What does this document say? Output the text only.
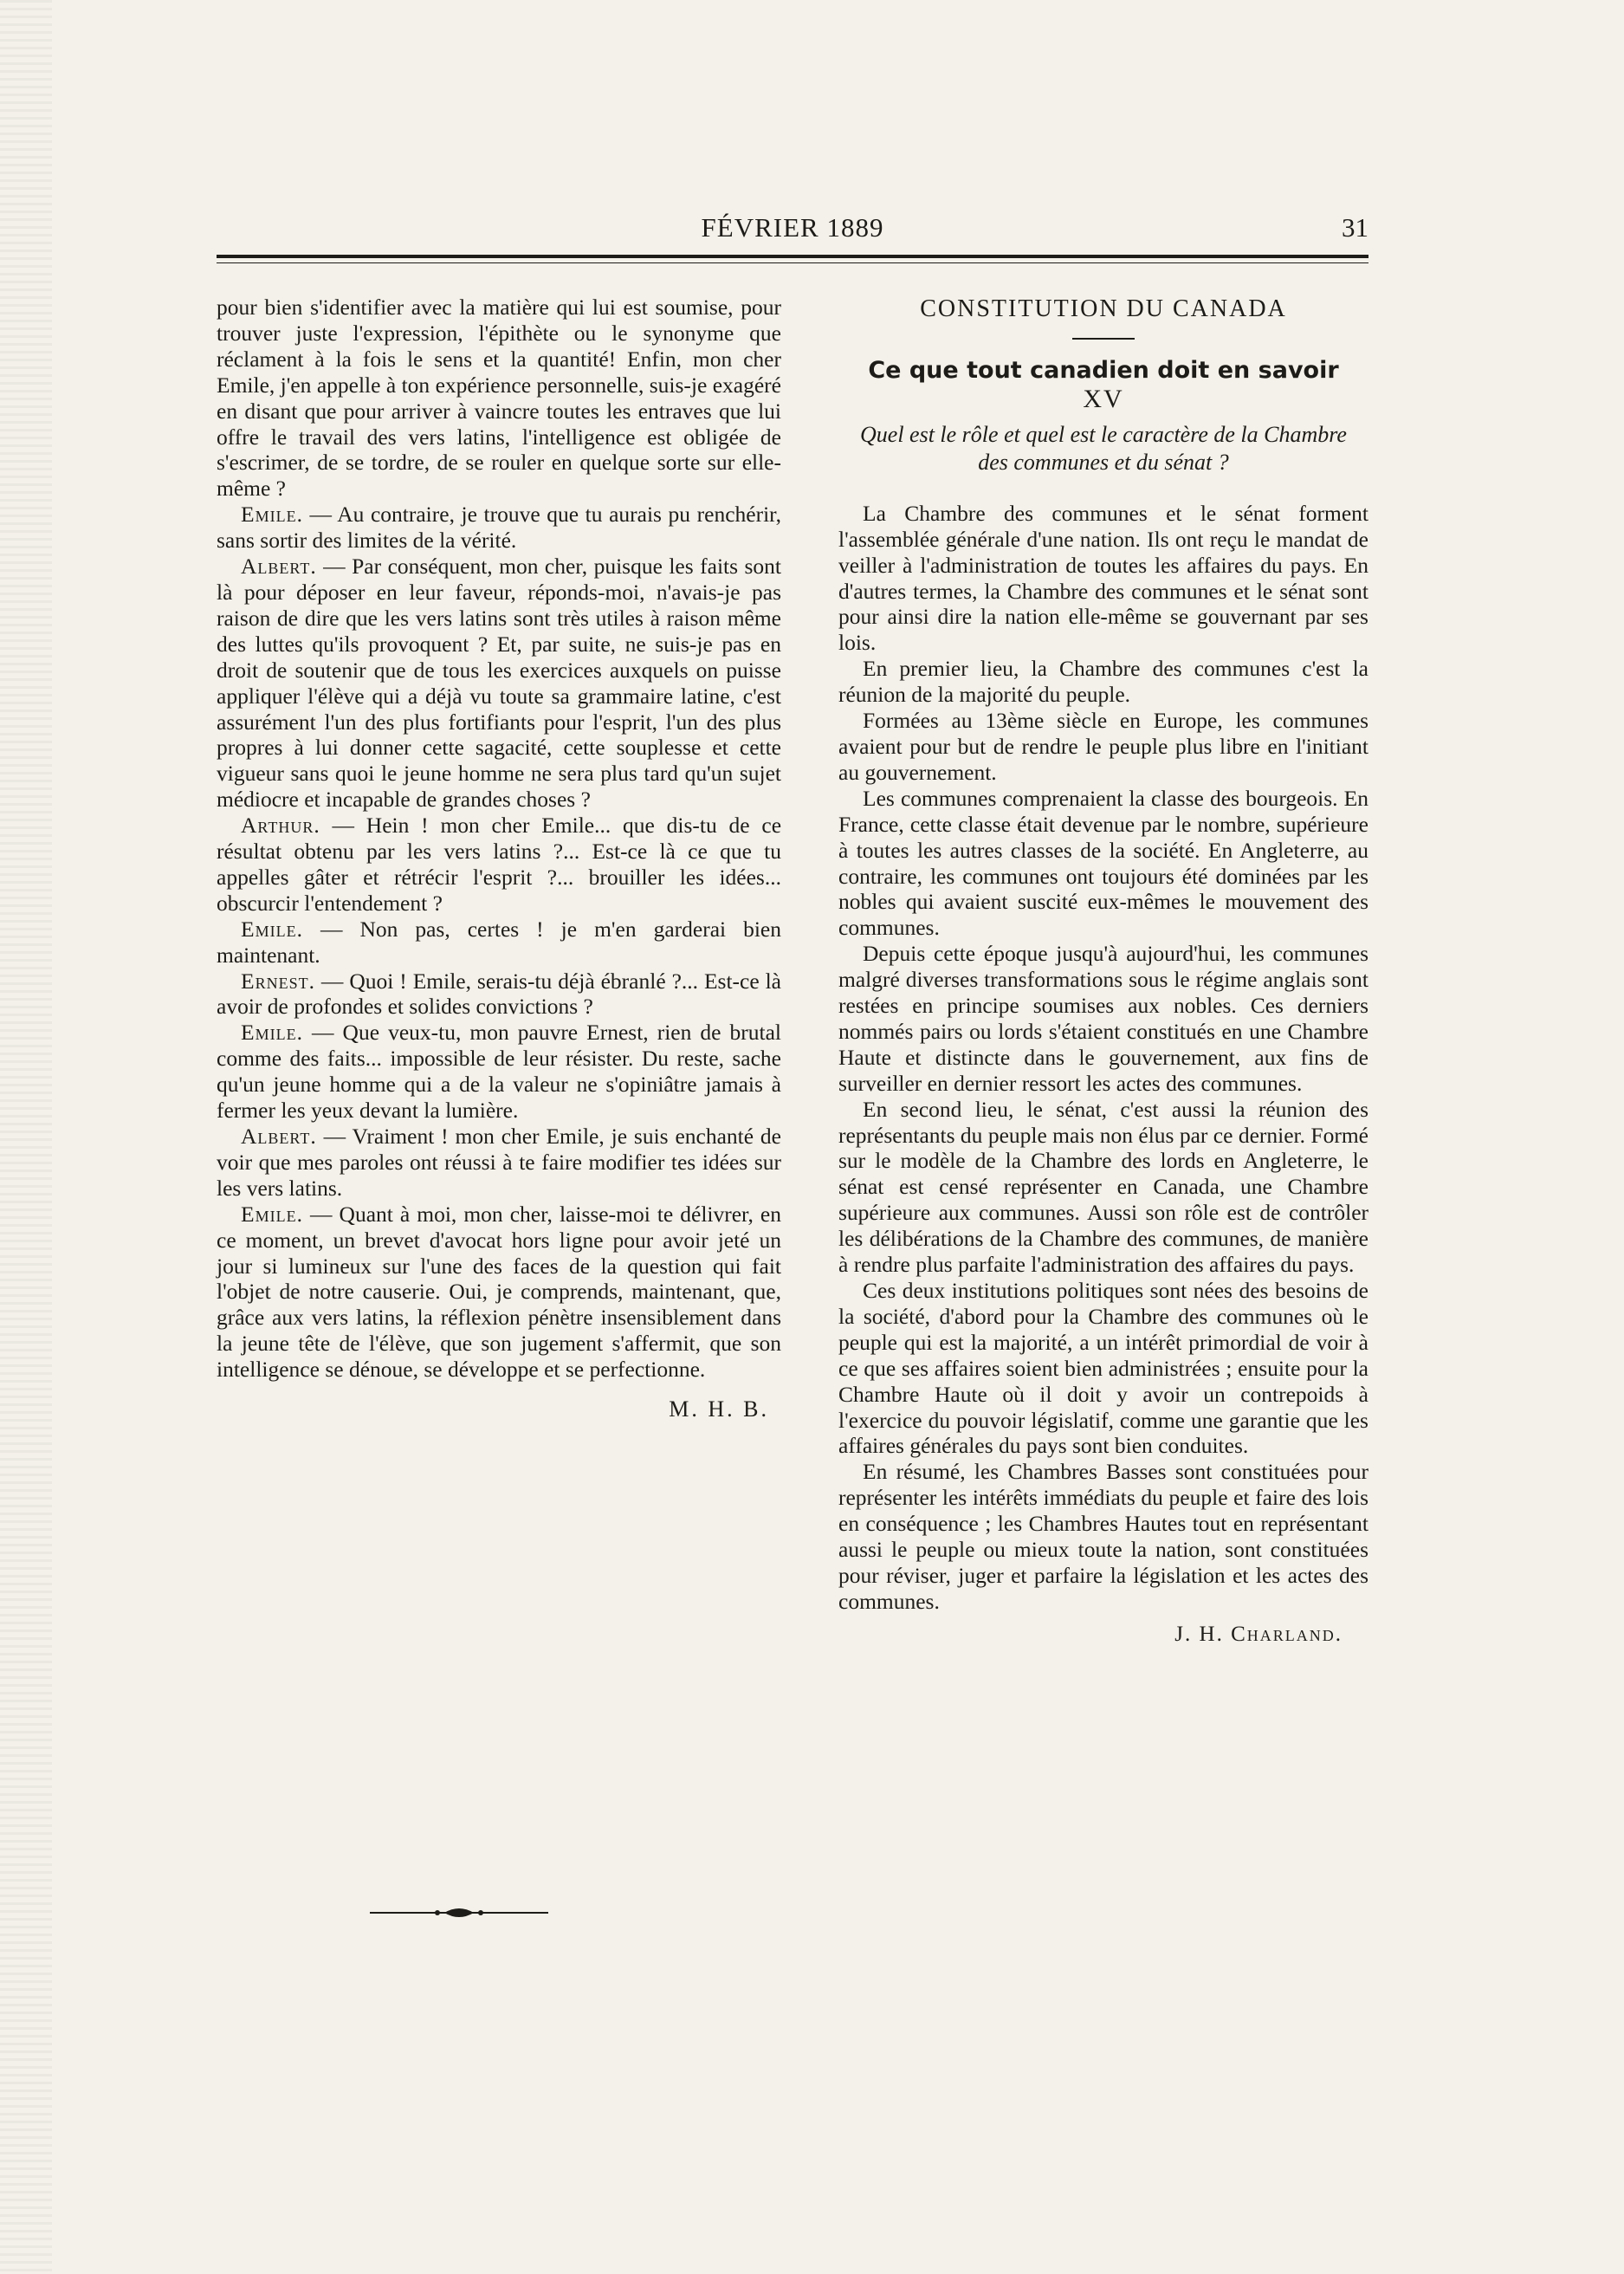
FÉVRIER 1889	31

pour bien s'identifier avec la matière qui lui est soumise, pour trouver juste l'expression, l'épithète ou le synonyme que réclament à la fois le sens et la quantité! Enfin, mon cher Emile, j'en appelle à ton expérience personnelle, suis-je exagéré en disant que pour arriver à vaincre toutes les entraves que lui offre le travail des vers latins, l'intelligence est obligée de s'escrimer, de se tordre, de se rouler en quelque sorte sur elle-même ?

Emile. — Au contraire, je trouve que tu aurais pu renchérir, sans sortir des limites de la vérité.

Albert. — Par conséquent, mon cher, puisque les faits sont là pour déposer en leur faveur, réponds-moi, n'avais-je pas raison de dire que les vers latins sont très utiles à raison même des luttes qu'ils provoquent ? Et, par suite, ne suis-je pas en droit de soutenir que de tous les exercices auxquels on puisse appliquer l'élève qui a déjà vu toute sa grammaire latine, c'est assurément l'un des plus fortifiants pour l'esprit, l'un des plus propres à lui donner cette sagacité, cette souplesse et cette vigueur sans quoi le jeune homme ne sera plus tard qu'un sujet médiocre et incapable de grandes choses ?

Arthur. — Hein ! mon cher Emile... que dis-tu de ce résultat obtenu par les vers latins ?... Est-ce là ce que tu appelles gâter et rétrécir l'esprit ?... brouiller les idées... obscurcir l'entendement ?

Emile. — Non pas, certes ! je m'en garderai bien maintenant.

Ernest. — Quoi ! Emile, serais-tu déjà ébranlé ?... Est-ce là avoir de profondes et solides convictions ?

Emile. — Que veux-tu, mon pauvre Ernest, rien de brutal comme des faits... impossible de leur résister. Du reste, sache qu'un jeune homme qui a de la valeur ne s'opiniâtre jamais à fermer les yeux devant la lumière.

Albert. — Vraiment ! mon cher Emile, je suis enchanté de voir que mes paroles ont réussi à te faire modifier tes idées sur les vers latins.

Emile. — Quant à moi, mon cher, laisse-moi te délivrer, en ce moment, un brevet d'avocat hors ligne pour avoir jeté un jour si lumineux sur l'une des faces de la question qui fait l'objet de notre causerie. Oui, je comprends, maintenant, que, grâce aux vers latins, la réflexion pénètre insensiblement dans la jeune tête de l'élève, que son jugement s'affermit, que son intelligence se dénoue, se développe et se perfectionne.

M. H. B.
CONSTITUTION DU CANADA
Ce que tout canadien doit en savoir
XV
Quel est le rôle et quel est le caractère de la Chambre des communes et du sénat ?

La Chambre des communes et le sénat forment l'assemblée générale d'une nation. Ils ont reçu le mandat de veiller à l'administration de toutes les affaires du pays. En d'autres termes, la Chambre des communes et le sénat sont pour ainsi dire la nation elle-même se gouvernant par ses lois.

En premier lieu, la Chambre des communes c'est la réunion de la majorité du peuple.

Formées au 13ème siècle en Europe, les communes avaient pour but de rendre le peuple plus libre en l'initiant au gouvernement.

Les communes comprenaient la classe des bourgeois. En France, cette classe était devenue par le nombre, supérieure à toutes les autres classes de la société. En Angleterre, au contraire, les communes ont toujours été dominées par les nobles qui avaient suscité eux-mêmes le mouvement des communes.

Depuis cette époque jusqu'à aujourd'hui, les communes malgré diverses transformations sous le régime anglais sont restées en principe soumises aux nobles. Ces derniers nommés pairs ou lords s'étaient constitués en une Chambre Haute et distincte dans le gouvernement, aux fins de surveiller en dernier ressort les actes des communes.

En second lieu, le sénat, c'est aussi la réunion des représentants du peuple mais non élus par ce dernier. Formé sur le modèle de la Chambre des lords en Angleterre, le sénat est censé représenter en Canada, une Chambre supérieure aux communes. Aussi son rôle est de contrôler les délibérations de la Chambre des communes, de manière à rendre plus parfaite l'administration des affaires du pays.

Ces deux institutions politiques sont nées des besoins de la société, d'abord pour la Chambre des communes où le peuple qui est la majorité, a un intérêt primordial de voir à ce que ses affaires soient bien administrées ; ensuite pour la Chambre Haute où il doit y avoir un contrepoids à l'exercice du pouvoir législatif, comme une garantie que les affaires générales du pays sont bien conduites.

En résumé, les Chambres Basses sont constituées pour représenter les intérêts immédiats du peuple et faire des lois en conséquence ; les Chambres Hautes tout en représentant aussi le peuple ou mieux toute la nation, sont constituées pour réviser, juger et parfaire la législation et les actes des communes.

J. H. Charland.
